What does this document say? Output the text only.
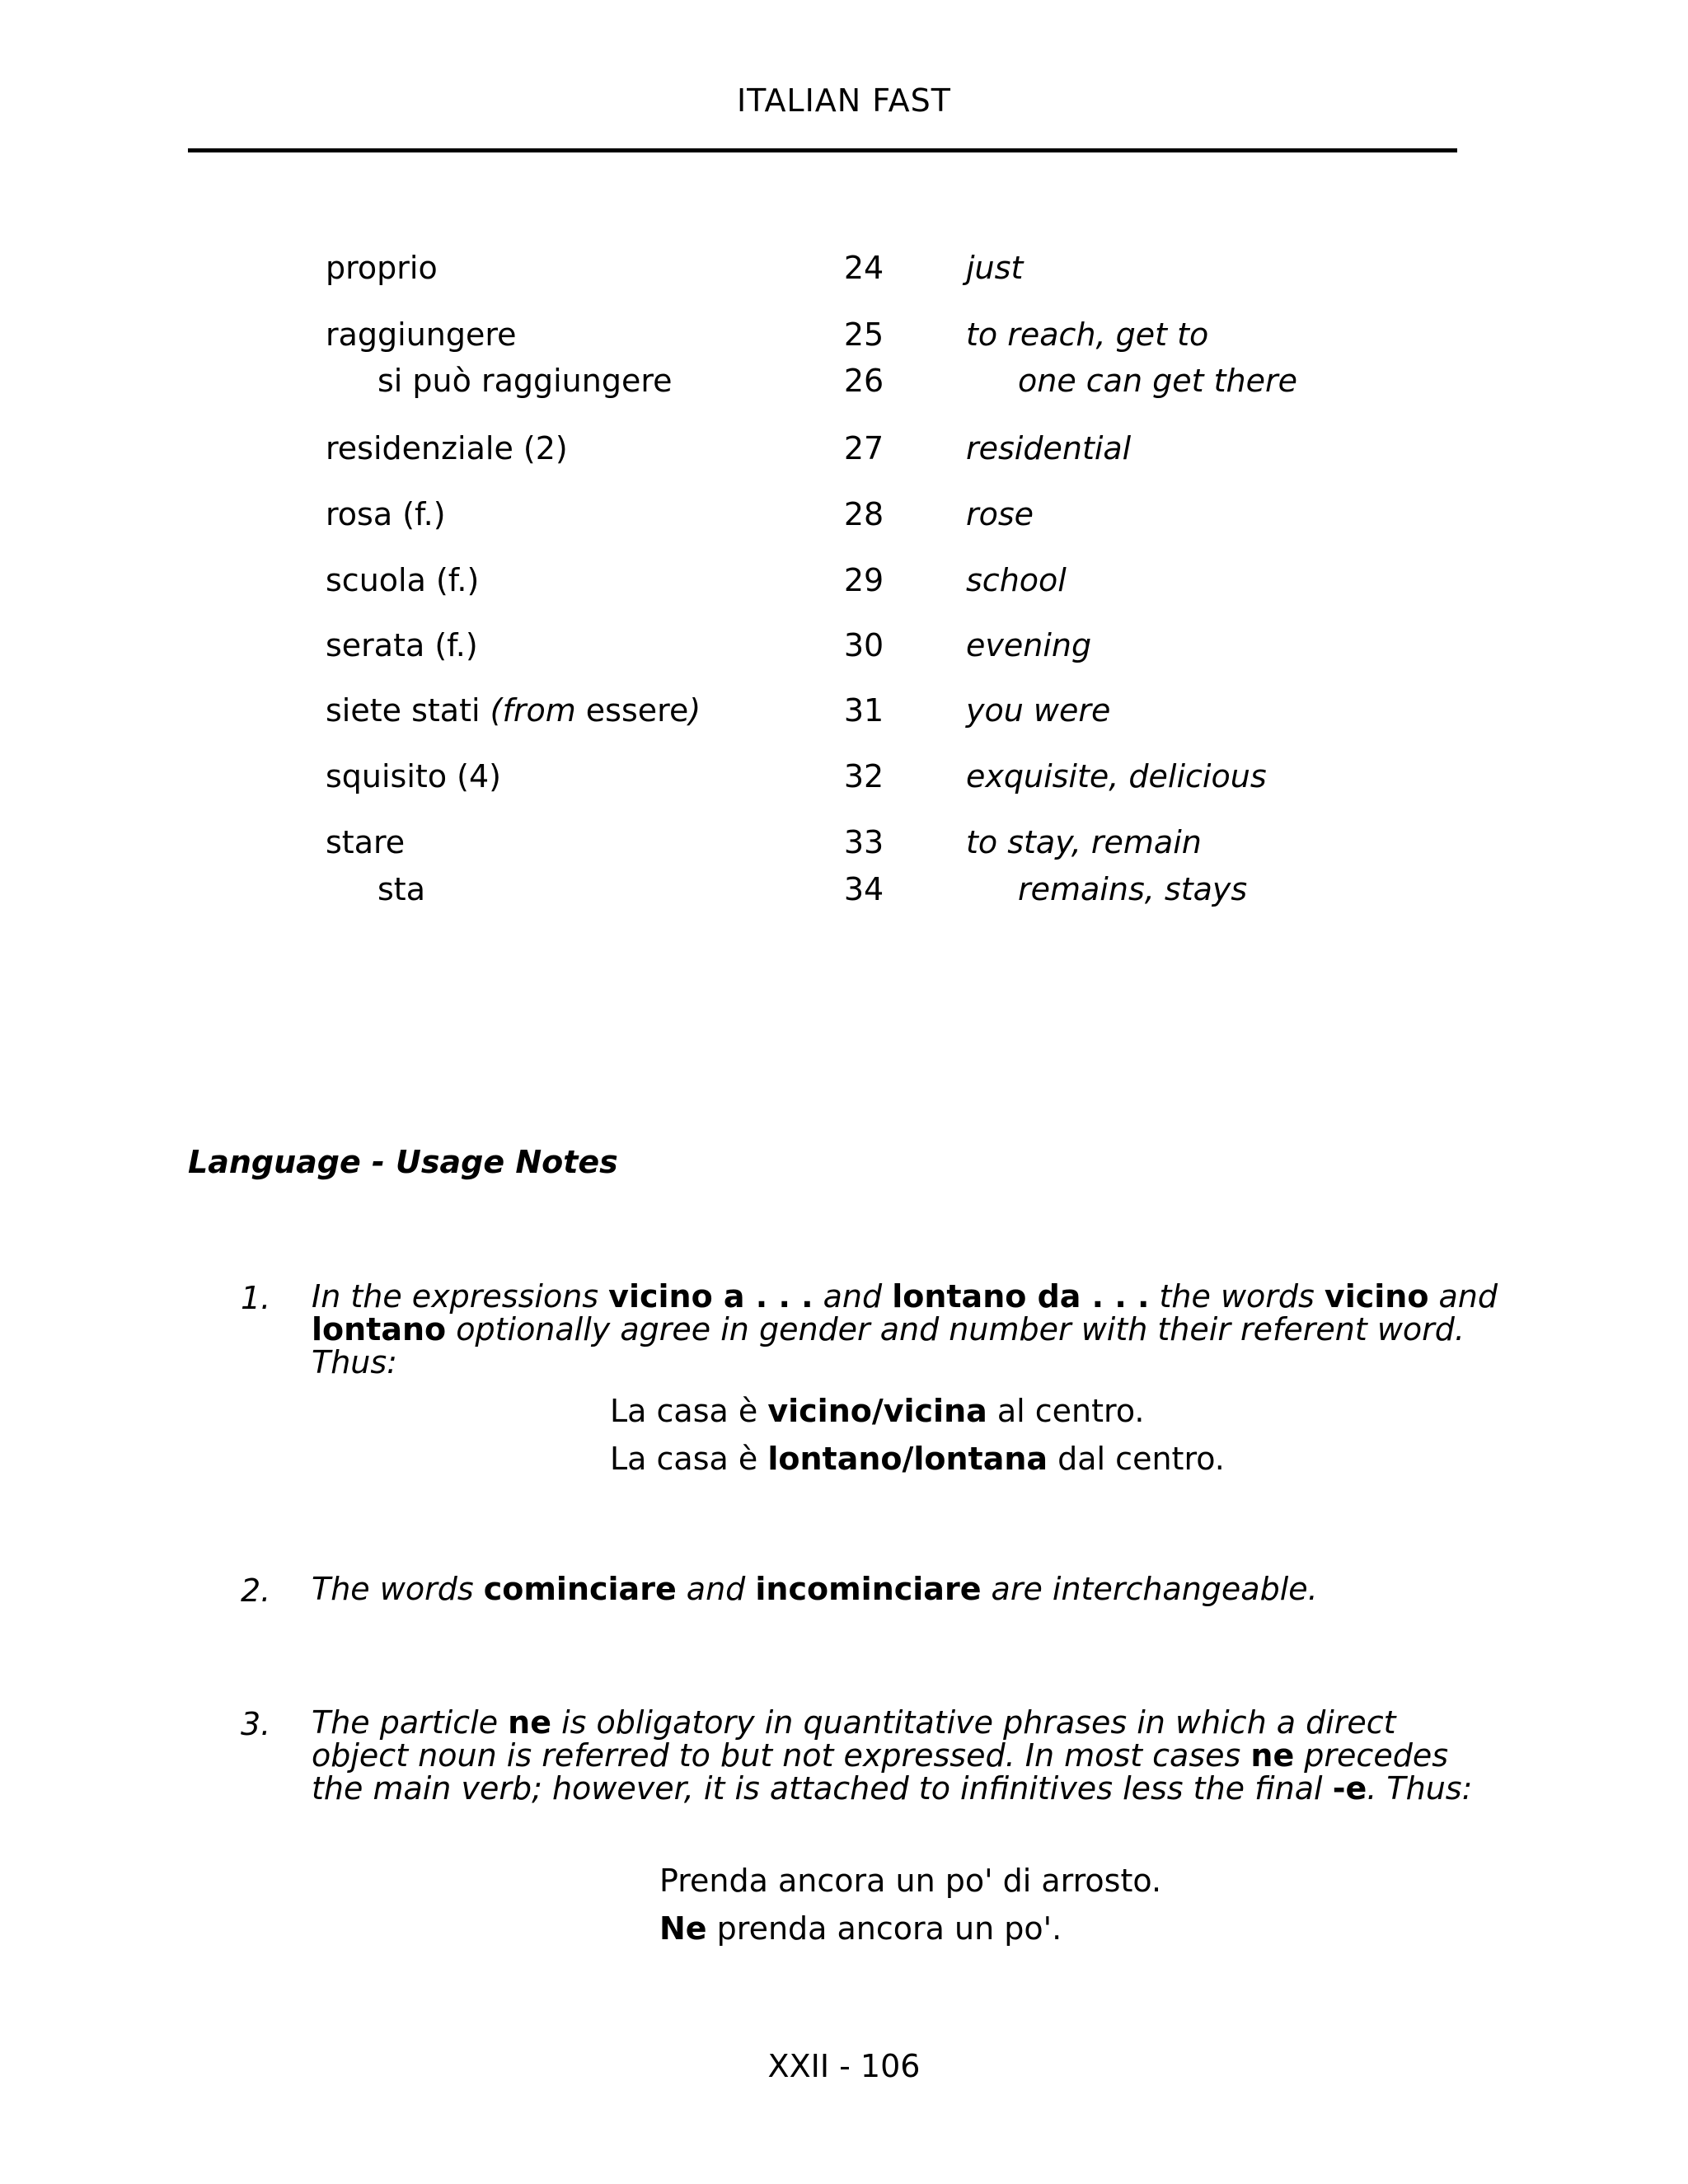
ITALIAN FAST
proprio	24	just
raggiungere	25	to reach, get to
si può raggiungere	26	one can get there
residenziale (2)	27	residential
rosa (f.)	28	rose
scuola (f.)	29	school
serata (f.)	30	evening
siete stati (from essere)	31	you were
squisito (4)	32	exquisite, delicious
stare	33	to stay, remain
sta	34	remains, stays
Language - Usage Notes
1. In the expressions vicino a . . . and lontano da . . . the words vicino and lontano optionally agree in gender and number with their referent word. Thus:
La casa è vicino/vicina al centro.
La casa è lontano/lontana dal centro.
2. The words cominciare and incominciare are interchangeable.
3. The particle ne is obligatory in quantitative phrases in which a direct object noun is referred to but not expressed. In most cases ne precedes the main verb; however, it is attached to infinitives less the final -e. Thus:
Prenda ancora un po' di arrosto.
Ne prenda ancora un po'.
XXII - 106
